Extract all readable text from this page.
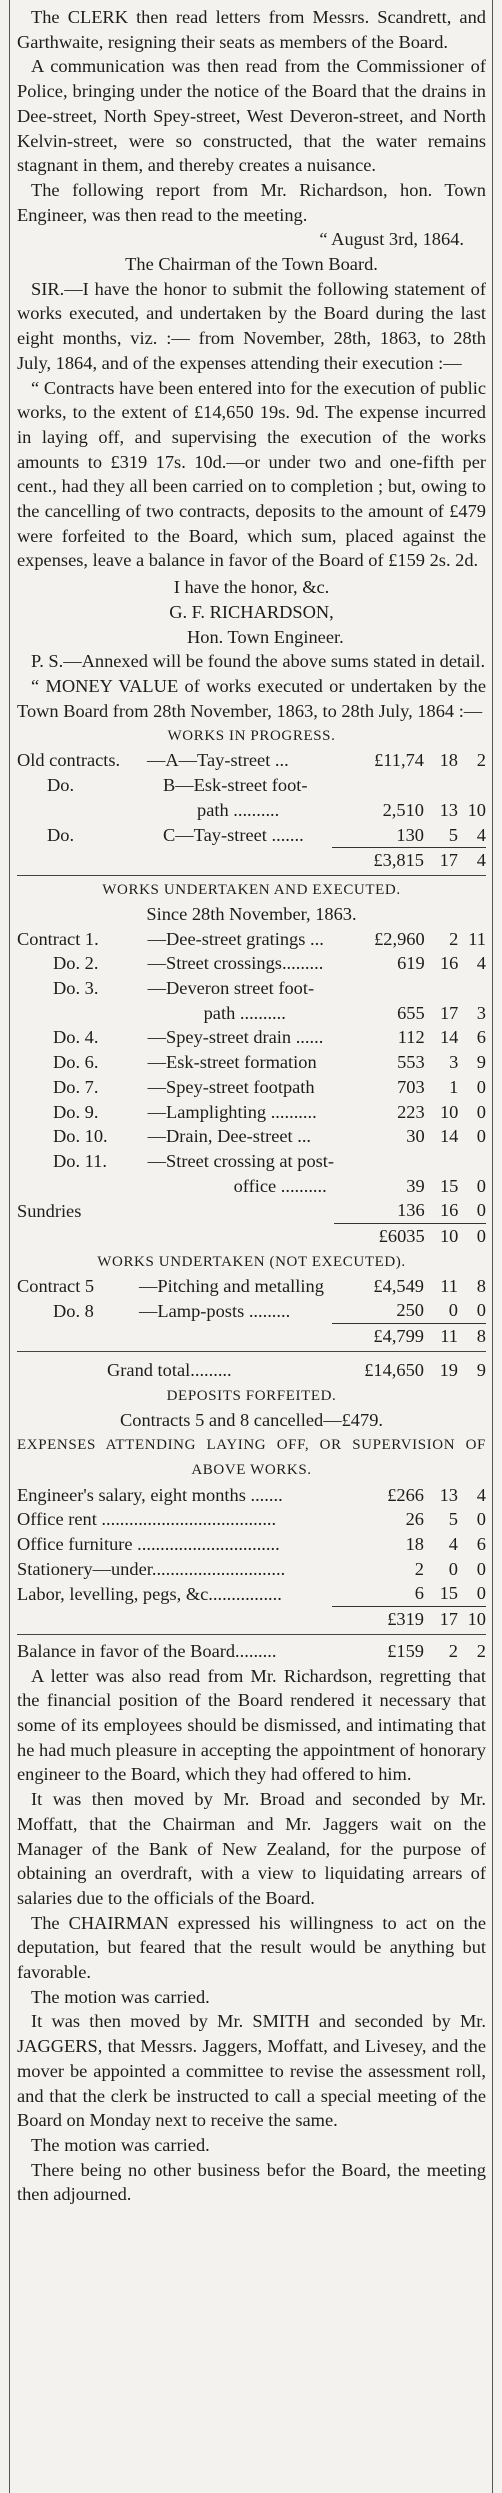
The CLERK then read letters from Messrs. Scandrett, and Garthwaite, resigning their seats as members of the Board.

A communication was then read from the Commissioner of Police, bringing under the notice of the Board that the drains in Dee-street, North Spey-street, West Deveron-street, and North Kelvin-street, were so constructed, that the water remains stagnant in them, and thereby creates a nuisance.

The following report from Mr. Richardson, hon. Town Engineer, was then read to the meeting.

“ August 3rd, 1864.

The Chairman of the Town Board.

SIR.—I have the honor to submit the following statement of works executed, and undertaken by the Board during the last eight months, viz. :— from November, 28th, 1863, to 28th July, 1864, and of the expenses attending their execution :—

“ Contracts have been entered into for the execution of public works, to the extent of £14,650 19s. 9d. The expense incurred in laying off, and supervising the execution of the works amounts to £319 17s. 10d.—or under two and one-fifth per cent., had they all been carried on to completion ; but, owing to the cancelling of two contracts, deposits to the amount of £479 were forfeited to the Board, which sum, placed against the expenses, leave a balance in favor of the Board of £159 2s. 2d.

I have the honor, &c.

G. F. RICHARDSON,

Hon. Town Engineer.

P. S.—Annexed will be found the above sums stated in detail.

“ MONEY VALUE of works executed or undertaken by the Town Board from 28th November, 1863, to 28th July, 1864 :—

WORKS IN PROGRESS.

Old contracts.	—A—Tay-street ...	£11,74	18	2
Do.	B—Esk-street foot-			
	path ..........	2,510	13	10
Do.	C—Tay-street .......	130	5	4
		£3,815	17	4

WORKS UNDERTAKEN AND EXECUTED.

Since 28th November, 1863.

Contract 1.	—Dee-street gratings ...	£2,960	2	11
Do. 2.	—Street crossings.........	619	16	4
Do. 3.	—Deveron street foot-			
	path ..........	655	17	3
Do. 4.	—Spey-street drain ......	112	14	6
Do. 6.	—Esk-street formation	553	3	9
Do. 7.	—Spey-street footpath	703	1	0
Do. 9.	—Lamplighting ..........	223	10	0
Do. 10.	—Drain, Dee-street ...	30	14	0
Do. 11.	—Street crossing at post-			
	office ..........	39	15	0
Sundries		136	16	0
		£6035	10	0

WORKS UNDERTAKEN (NOT EXECUTED).

Contract 5	—Pitching and metalling	£4,549	11	8
Do. 8	—Lamp-posts .........	250	0	0
		£4,799	11	8
Grand total.........	£14,650	19	9

DEPOSITS FORFEITED.

Contracts 5 and 8 cancelled—£479.

EXPENSES ATTENDING LAYING OFF, OR SUPERVISION OF ABOVE WORKS.

Engineer's salary, eight months .......	£266	13	4
Office rent ......................................	26	5	0
Office furniture ...............................	18	4	6
Stationery—under.............................	2	0	0
Labor, levelling, pegs, &c................	6	15	0
	£319	17	10
Balance in favor of the Board.........	£159	2	2

A letter was also read from Mr. Richardson, regretting that the financial position of the Board rendered it necessary that some of its employees should be dismissed, and intimating that he had much pleasure in accepting the appointment of honorary engineer to the Board, which they had offered to him.

It was then moved by Mr. Broad and seconded by Mr. Moffatt, that the Chairman and Mr. Jaggers wait on the Manager of the Bank of New Zealand, for the purpose of obtaining an overdraft, with a view to liquidating arrears of salaries due to the officials of the Board.

The CHAIRMAN expressed his willingness to act on the deputation, but feared that the result would be anything but favorable.

The motion was carried.

It was then moved by Mr. SMITH and seconded by Mr. JAGGERS, that Messrs. Jaggers, Moffatt, and Livesey, and the mover be appointed a committee to revise the assessment roll, and that the clerk be instructed to call a special meeting of the Board on Monday next to receive the same.

The motion was carried.

There being no other business befor the Board, the meeting then adjourned.
